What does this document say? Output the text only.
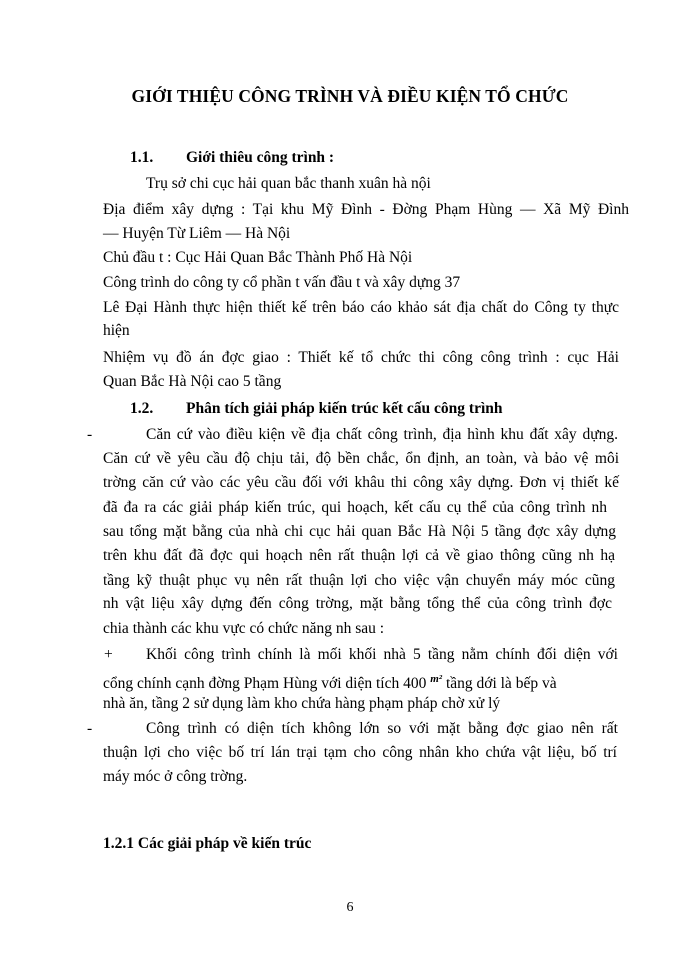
GIỚI THIỆU CÔNG TRÌNH VÀ ĐIỀU KIỆN TỔ CHỨC
1.1. Giới thiêu công trình :
Trụ sở chi cục hải quan bắc thanh xuân hà nội
Địa điểm xây dựng : Tại khu Mỹ Đình - Đờng Phạm Hùng — Xã Mỹ Đình
— Huyện Từ Liêm — Hà Nội
Chủ đầu t : Cục Hải Quan Bắc Thành Phố Hà Nội
Công trình do công ty cổ phần t vấn đầu t và xây dựng 37
Lê Đại Hành thực hiện thiết kế trên báo cáo khảo sát địa chất do Công ty thực
hiện
Nhiệm vụ đồ án đợc giao : Thiết kế tổ chức thi công công trình : cục Hải
Quan Bắc Hà Nội cao 5 tầng
1.2. Phân tích giải pháp kiến trúc kết cấu công trình
-	Căn cứ vào điều kiện về địa chất công trình, địa hình khu đất xây dựng.
Căn cứ về yêu cầu độ chịu tải, độ bền chắc, ổn định, an toàn, và bảo vệ môi
trờng căn cứ vào các yêu cầu đối với khâu thi công xây dựng. Đơn vị thiết kế
đã đa ra các giải pháp kiến trúc, qui hoạch, kết cấu cụ thể của công trình nh
sau tổng mặt bằng của nhà chi cục hải quan Bắc Hà Nội 5 tầng đợc xây dựng
trên khu đất đã đợc qui hoạch nên rất thuận lợi cả về giao thông cũng nh hạ
tầng kỹ thuật phục vụ nên rất thuận lợi cho việc vận chuyển máy móc cũng
nh vật liệu xây dựng đến công trờng, mặt bằng tổng thể của công trình đợc
chia thành các khu vực có chức năng nh sau :
+ Khối công trình chính là mối khối nhà 5 tầng nằm chính đối diện với
cổng chính cạnh đờng Phạm Hùng với diện tích 400 $^{m^2}$ tầng dới là bếp và
nhà ăn, tầng 2 sử dụng làm kho chứa hàng phạm pháp chờ xử lý
-	Công trình có diện tích không lớn so với mặt bằng đợc giao nên rất
thuận lợi cho việc bố trí lán trại tạm cho công nhân kho chứa vật liệu, bố trí
máy móc ở công trờng.
1.2.1 Các giải pháp về kiến trúc
6
